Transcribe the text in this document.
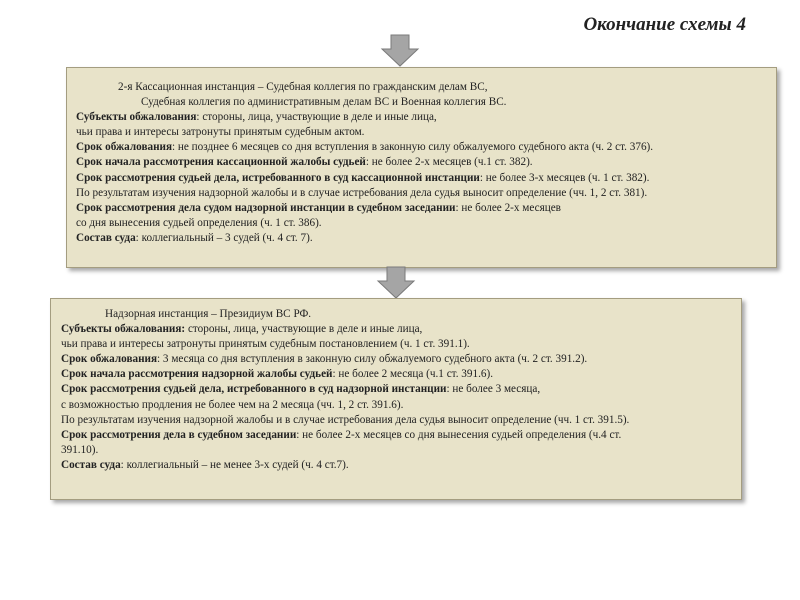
Окончание схемы 4
2-я Кассационная инстанция – Судебная коллегия по гражданским делам ВС,
Судебная коллегия по административным делам ВС и Военная коллегия ВС.
Субъекты обжалования: стороны, лица, участвующие в деле и иные лица,
чьи права и интересы затронуты принятым судебным актом.
Срок обжалования: не позднее 6 месяцев со дня вступления в законную силу обжалуемого судебного акта (ч. 2 ст. 376).
Срок начала рассмотрения кассационной жалобы судьей: не более 2-х месяцев (ч.1 ст. 382).
Срок рассмотрения судьей дела, истребованного в суд кассационной инстанции: не более 3-х месяцев (ч. 1 ст. 382).
По результатам изучения надзорной жалобы и в случае истребования дела судья выносит определение (чч. 1, 2 ст. 381).
Срок рассмотрения дела судом надзорной инстанции в судебном заседании: не более 2-х месяцев
со дня вынесения судьей определения (ч. 1 ст. 386).
Состав суда: коллегиальный – 3 судей (ч. 4 ст. 7).
Надзорная инстанция – Президиум ВС РФ.
Субъекты обжалования: стороны, лица, участвующие в деле и иные лица,
чьи права и интересы затронуты принятым судебным постановлением (ч. 1 ст. 391.1).
Срок обжалования: 3 месяца со дня вступления в законную силу обжалуемого судебного акта (ч. 2 ст. 391.2).
Срок начала рассмотрения надзорной жалобы судьей: не более 2 месяца (ч.1 ст. 391.6).
Срок рассмотрения судьей дела, истребованного в суд надзорной инстанции: не более 3 месяца,
с возможностью продления не более чем на 2 месяца (чч. 1, 2 ст. 391.6).
По результатам изучения надзорной жалобы и в случае истребования дела судья выносит определение (чч. 1 ст. 391.5).
Срок рассмотрения дела в судебном заседании: не более 2-х месяцев со дня вынесения судьей определения (ч.4 ст.
391.10).
Состав суда: коллегиальный – не менее 3-х судей (ч. 4 ст.7).
